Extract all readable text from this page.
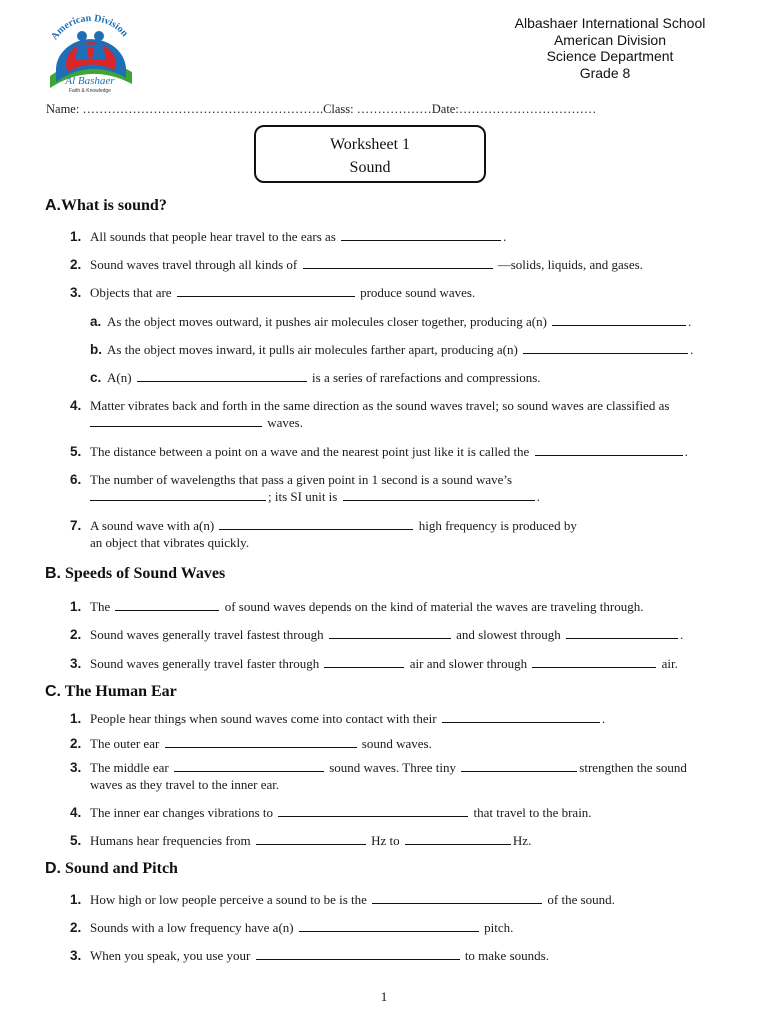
American Division
Al Bashaer
Faith & Knowledge
Albashaer International School
American Division
Science Department
Grade 8
Name: ………………………………………………….Class: ………………Date:……………………………
Worksheet 1
Sound
A.What is sound?
1. All sounds that people hear travel to the ears as	.
2. Sound waves travel through all kinds of	—solids, liquids, and gases.
3. Objects that are	produce sound waves.
a. As the object moves outward, it pushes air molecules closer together, producing a(n)	.
b. As the object moves inward, it pulls air molecules farther apart, producing a(n)	.
c. A(n)	is a series of rarefactions and compressions.
4. Matter vibrates back and forth in the same direction as the sound waves travel; so sound waves are classified as
waves.
5. The distance between a point on a wave and the nearest point just like it is called the	.
6. The number of wavelengths that pass a given point in 1 second is a sound wave’s
; its SI unit is	.
7. A sound wave with a(n)	high frequency is produced by
an object that vibrates quickly.
B. Speeds of Sound Waves
1. The	of sound waves depends on the kind of material the waves are traveling through.
2. Sound waves generally travel fastest through	and slowest through	.
3. Sound waves generally travel faster through	air and slower through	air.
C. The Human Ear
1. People hear things when sound waves come into contact with their	.
2. The outer ear	sound waves.
3. The middle ear	sound waves. Three tiny	strengthen the sound
waves as they travel to the inner ear.
4. The inner ear changes vibrations to	that travel to the brain.
5. Humans hear frequencies from	Hz to	Hz.
D. Sound and Pitch
1. How high or low people perceive a sound to be is the	of the sound.
2. Sounds with a low frequency have a(n)	pitch.
3. When you speak, you use your	to make sounds.
1
